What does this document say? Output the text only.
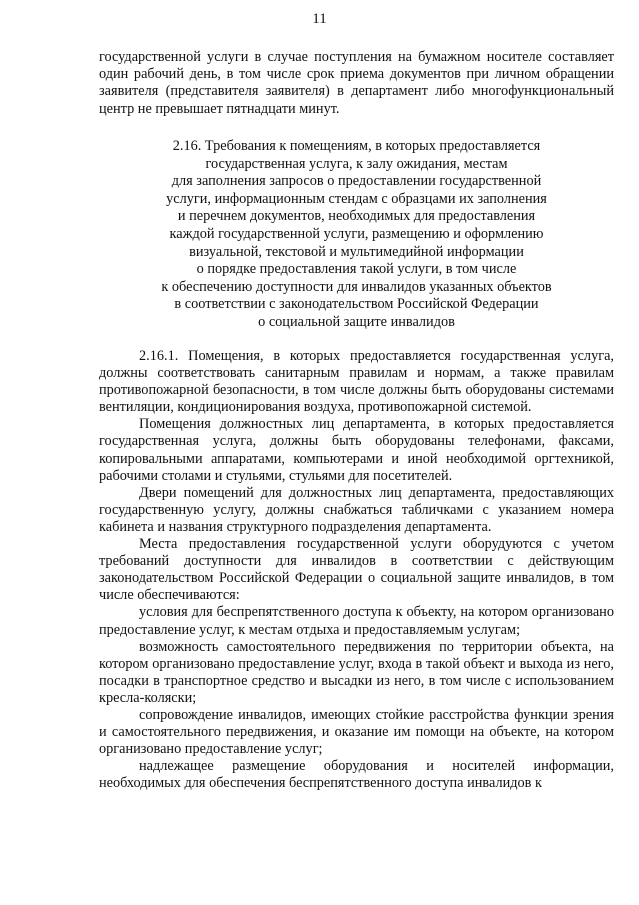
11
государственной услуги в случае поступления на бумажном носителе составляет один рабочий день, в том числе срок приема документов при личном обращении заявителя (представителя заявителя) в департамент либо многофункциональный центр не превышает пятнадцати минут.
2.16. Требования к помещениям, в которых предоставляется
государственная услуга, к залу ожидания, местам
для заполнения запросов о предоставлении государственной
услуги, информационным стендам с образцами их заполнения
и перечнем документов, необходимых для предоставления
каждой государственной услуги, размещению и оформлению
визуальной, текстовой и мультимедийной информации
о порядке предоставления такой услуги, в том числе
к обеспечению доступности для инвалидов указанных объектов
в соответствии с законодательством Российской Федерации
о социальной защите инвалидов

2.16.1. Помещения, в которых предоставляется государственная услуга, должны соответствовать санитарным правилам и нормам, а также правилам противопожарной безопасности, в том числе должны быть оборудованы системами вентиляции, кондиционирования воздуха, противопожарной системой.

Помещения должностных лиц департамента, в которых предоставляется государственная услуга, должны быть оборудованы телефонами, факсами, копировальными аппаратами, компьютерами и иной необходимой оргтехникой, рабочими столами и стульями, стульями для посетителей.

Двери помещений для должностных лиц департамента, предоставляющих государственную услугу, должны снабжаться табличками с указанием номера кабинета и названия структурного подразделения департамента.

Места предоставления государственной услуги оборудуются с учетом требований доступности для инвалидов в соответствии с действующим законодательством Российской Федерации о социальной защите инвалидов, в том числе обеспечиваются:

условия для беспрепятственного доступа к объекту, на котором организовано предоставление услуг, к местам отдыха и предоставляемым услугам;

возможность самостоятельного передвижения по территории объекта, на котором организовано предоставление услуг, входа в такой объект и выхода из него, посадки в транспортное средство и высадки из него, в том числе с использованием кресла-коляски;

сопровождение инвалидов, имеющих стойкие расстройства функции зрения и самостоятельного передвижения, и оказание им помощи на объекте, на котором организовано предоставление услуг;

надлежащее размещение оборудования и носителей информации, необходимых для обеспечения беспрепятственного доступа инвалидов к
